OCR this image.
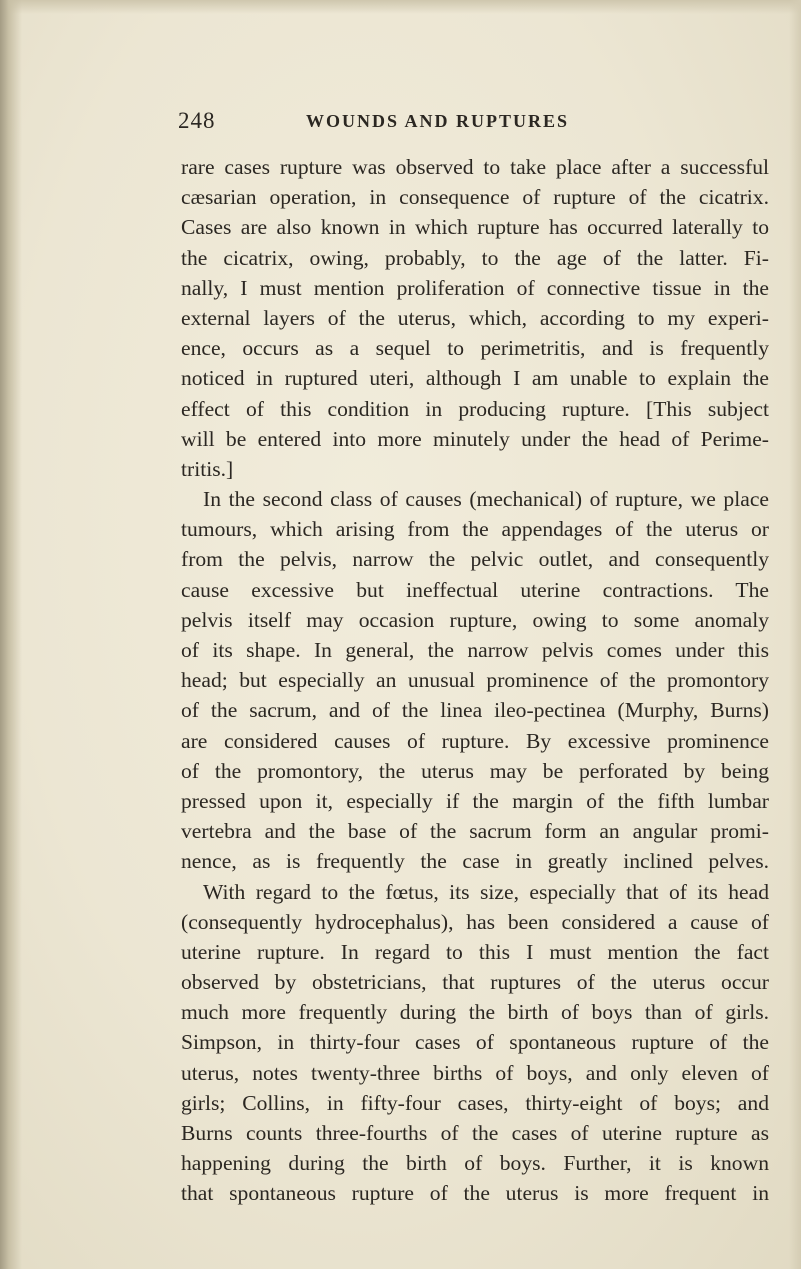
248	WOUNDS AND RUPTURES
rare cases rupture was observed to take place after a successful
cæsarian operation, in consequence of rupture of the cicatrix.
Cases are also known in which rupture has occurred laterally to
the cicatrix, owing, probably, to the age of the latter. Fi-
nally, I must mention proliferation of connective tissue in the
external layers of the uterus, which, according to my experi-
ence, occurs as a sequel to perimetritis, and is frequently
noticed in ruptured uteri, although I am unable to explain the
effect of this condition in producing rupture. [This subject
will be entered into more minutely under the head of Perime-
tritis.]
In the second class of causes (mechanical) of rupture, we place
tumours, which arising from the appendages of the uterus or
from the pelvis, narrow the pelvic outlet, and consequently
cause excessive but ineffectual uterine contractions. The
pelvis itself may occasion rupture, owing to some anomaly
of its shape. In general, the narrow pelvis comes under this
head; but especially an unusual prominence of the promontory
of the sacrum, and of the linea ileo-pectinea (Murphy, Burns)
are considered causes of rupture. By excessive prominence
of the promontory, the uterus may be perforated by being
pressed upon it, especially if the margin of the fifth lumbar
vertebra and the base of the sacrum form an angular promi-
nence, as is frequently the case in greatly inclined pelves.
With regard to the fœtus, its size, especially that of its head
(consequently hydrocephalus), has been considered a cause of
uterine rupture. In regard to this I must mention the fact
observed by obstetricians, that ruptures of the uterus occur
much more frequently during the birth of boys than of girls.
Simpson, in thirty-four cases of spontaneous rupture of the
uterus, notes twenty-three births of boys, and only eleven of
girls; Collins, in fifty-four cases, thirty-eight of boys; and
Burns counts three-fourths of the cases of uterine rupture as
happening during the birth of boys. Further, it is known
that spontaneous rupture of the uterus is more frequent in
